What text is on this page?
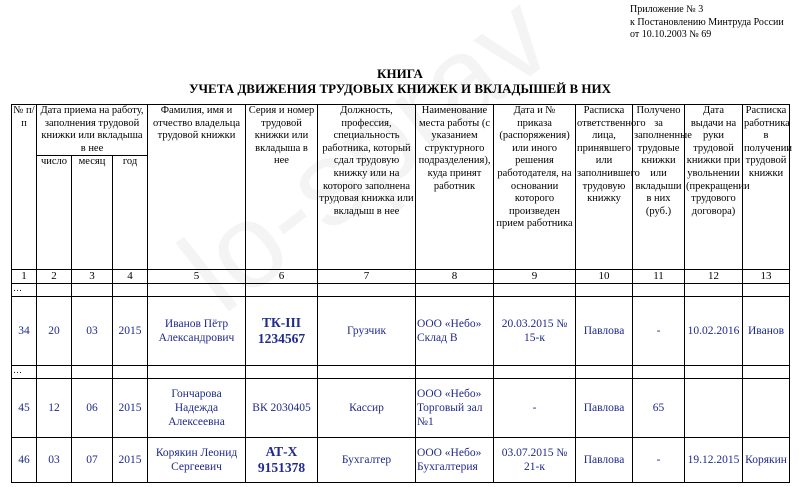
Приложение № 3
к Постановлению Минтруда России
от 10.10.2003 № 69
КНИГА
УЧЕТА ДВИЖЕНИЯ ТРУДОВЫХ КНИЖЕК И ВКЛАДЫШЕЙ В НИХ
№ п/п	Дата приема на работу, заполнения трудовой книжки или вкладыша в нее			Фамилия, имя и отчество владельца трудовой книжки	Серия и номер трудовой книжки или вкладыша в нее	Должность, профессия, специальность работника, который сдал трудовую книжку или на которого заполнена трудовая книжка или вкладыш в нее	Наименование места работы (с указанием структурного подразделения), куда принят работник	Дата и № приказа (распоряжения) или иного решения работодателя, на основании которого произведен прием работника	Расписка ответственного лица, принявшего или заполнившего трудовую книжку	Получено за заполненные трудовые книжки или вкладыши в них (руб.)	Дата выдачи на руки трудовой книжки при увольнении (прекращении трудового договора)	Расписка работника в получении трудовой книжки
	число	месяц	год									
1	2	3	4	5	6	7	8	9	10	11	12	13
…												
34	20	03	2015	Иванов Пётр Александрович	ТК-III 1234567	Грузчик	ООО «Небо» Склад В	20.03.2015 № 15-к	Павлова	-	10.02.2016	Иванов
…												
45	12	06	2015	Гончарова Надежда Алексеевна	ВК 2030405	Кассир	ООО «Небо» Торговый зал №1	-	Павлова	65		
46	03	07	2015	Корякин Леонид Сергеевич	АТ-Х 9151378	Бухгалтер	ООО «Небо» Бухгалтерия	03.07.2015 № 21-к	Павлова	-	19.12.2015	Корякин
